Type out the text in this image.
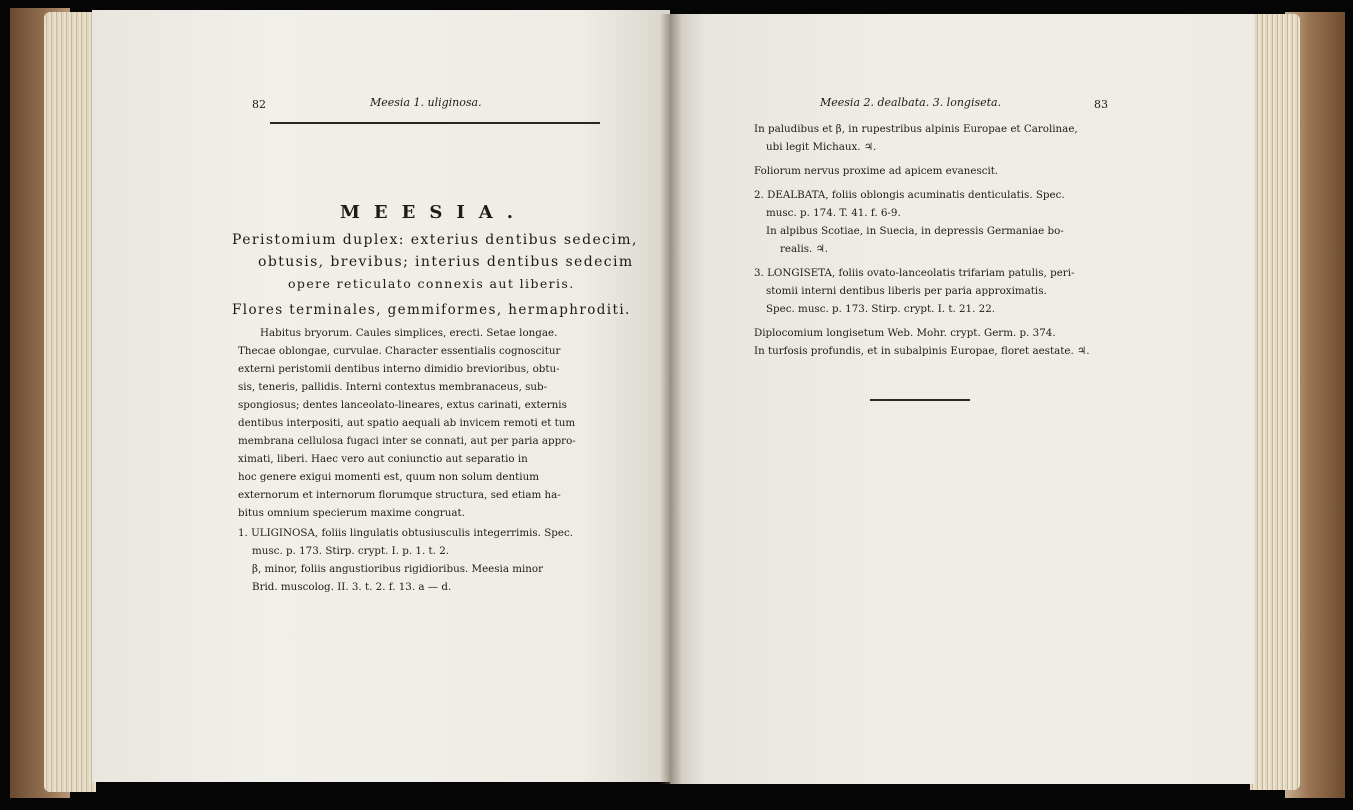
82	Meesia 1. uliginosa.
MEESIA.
Peristomium duplex: exterius dentibus sedecim,
obtusis, brevibus; interius dentibus sedecim
opere reticulato connexis aut liberis.
Flores terminales, gemmiformes, hermaphroditi.

Habitus bryorum. Caules simplices, erecti. Setae longae.

Thecae oblongae, curvulae. Character essentialis cognoscitur

externi peristomii dentibus interno dimidio brevioribus, obtu-

sis, teneris, pallidis. Interni contextus membranaceus, sub-

spongiosus; dentes lanceolato-lineares, extus carinati, externis

dentibus interpositi, aut spatio aequali ab invicem remoti et tum

membrana cellulosa fugaci inter se connati, aut per paria appro-

ximati, liberi. Haec vero aut coniunctio aut separatio in

hoc genere exigui momenti est, quum non solum dentium

externorum et internorum florumque structura, sed etiam ha-

bitus omnium specierum maxime congruat.

1. ULIGINOSA, foliis lingulatis obtusiusculis integerrimis. Spec.

musc. p. 173. Stirp. crypt. I. p. 1. t. 2.

β, minor, foliis angustioribus rigidioribus. Meesia minor

Brid. muscolog. II. 3. t. 2. f. 13. a — d.

Meesia 2. dealbata. 3. longiseta.	83

In paludibus et β, in rupestribus alpinis Europae et Carolinae,

ubi legit Michaux. ♃.

Foliorum nervus proxime ad apicem evanescit.

2. DEALBATA, foliis oblongis acuminatis denticulatis. Spec.

musc. p. 174. T. 41. f. 6-9.

In alpibus Scotiae, in Suecia, in depressis Germaniae bo-

realis. ♃.

3. LONGISETA, foliis ovato-lanceolatis trifariam patulis, peri-

stomii interni dentibus liberis per paria approximatis.

Spec. musc. p. 173. Stirp. crypt. I. t. 21. 22.

Diplocomium longisetum Web. Mohr. crypt. Germ. p. 374.

In turfosis profundis, et in subalpinis Europae, floret aestate. ♃.
